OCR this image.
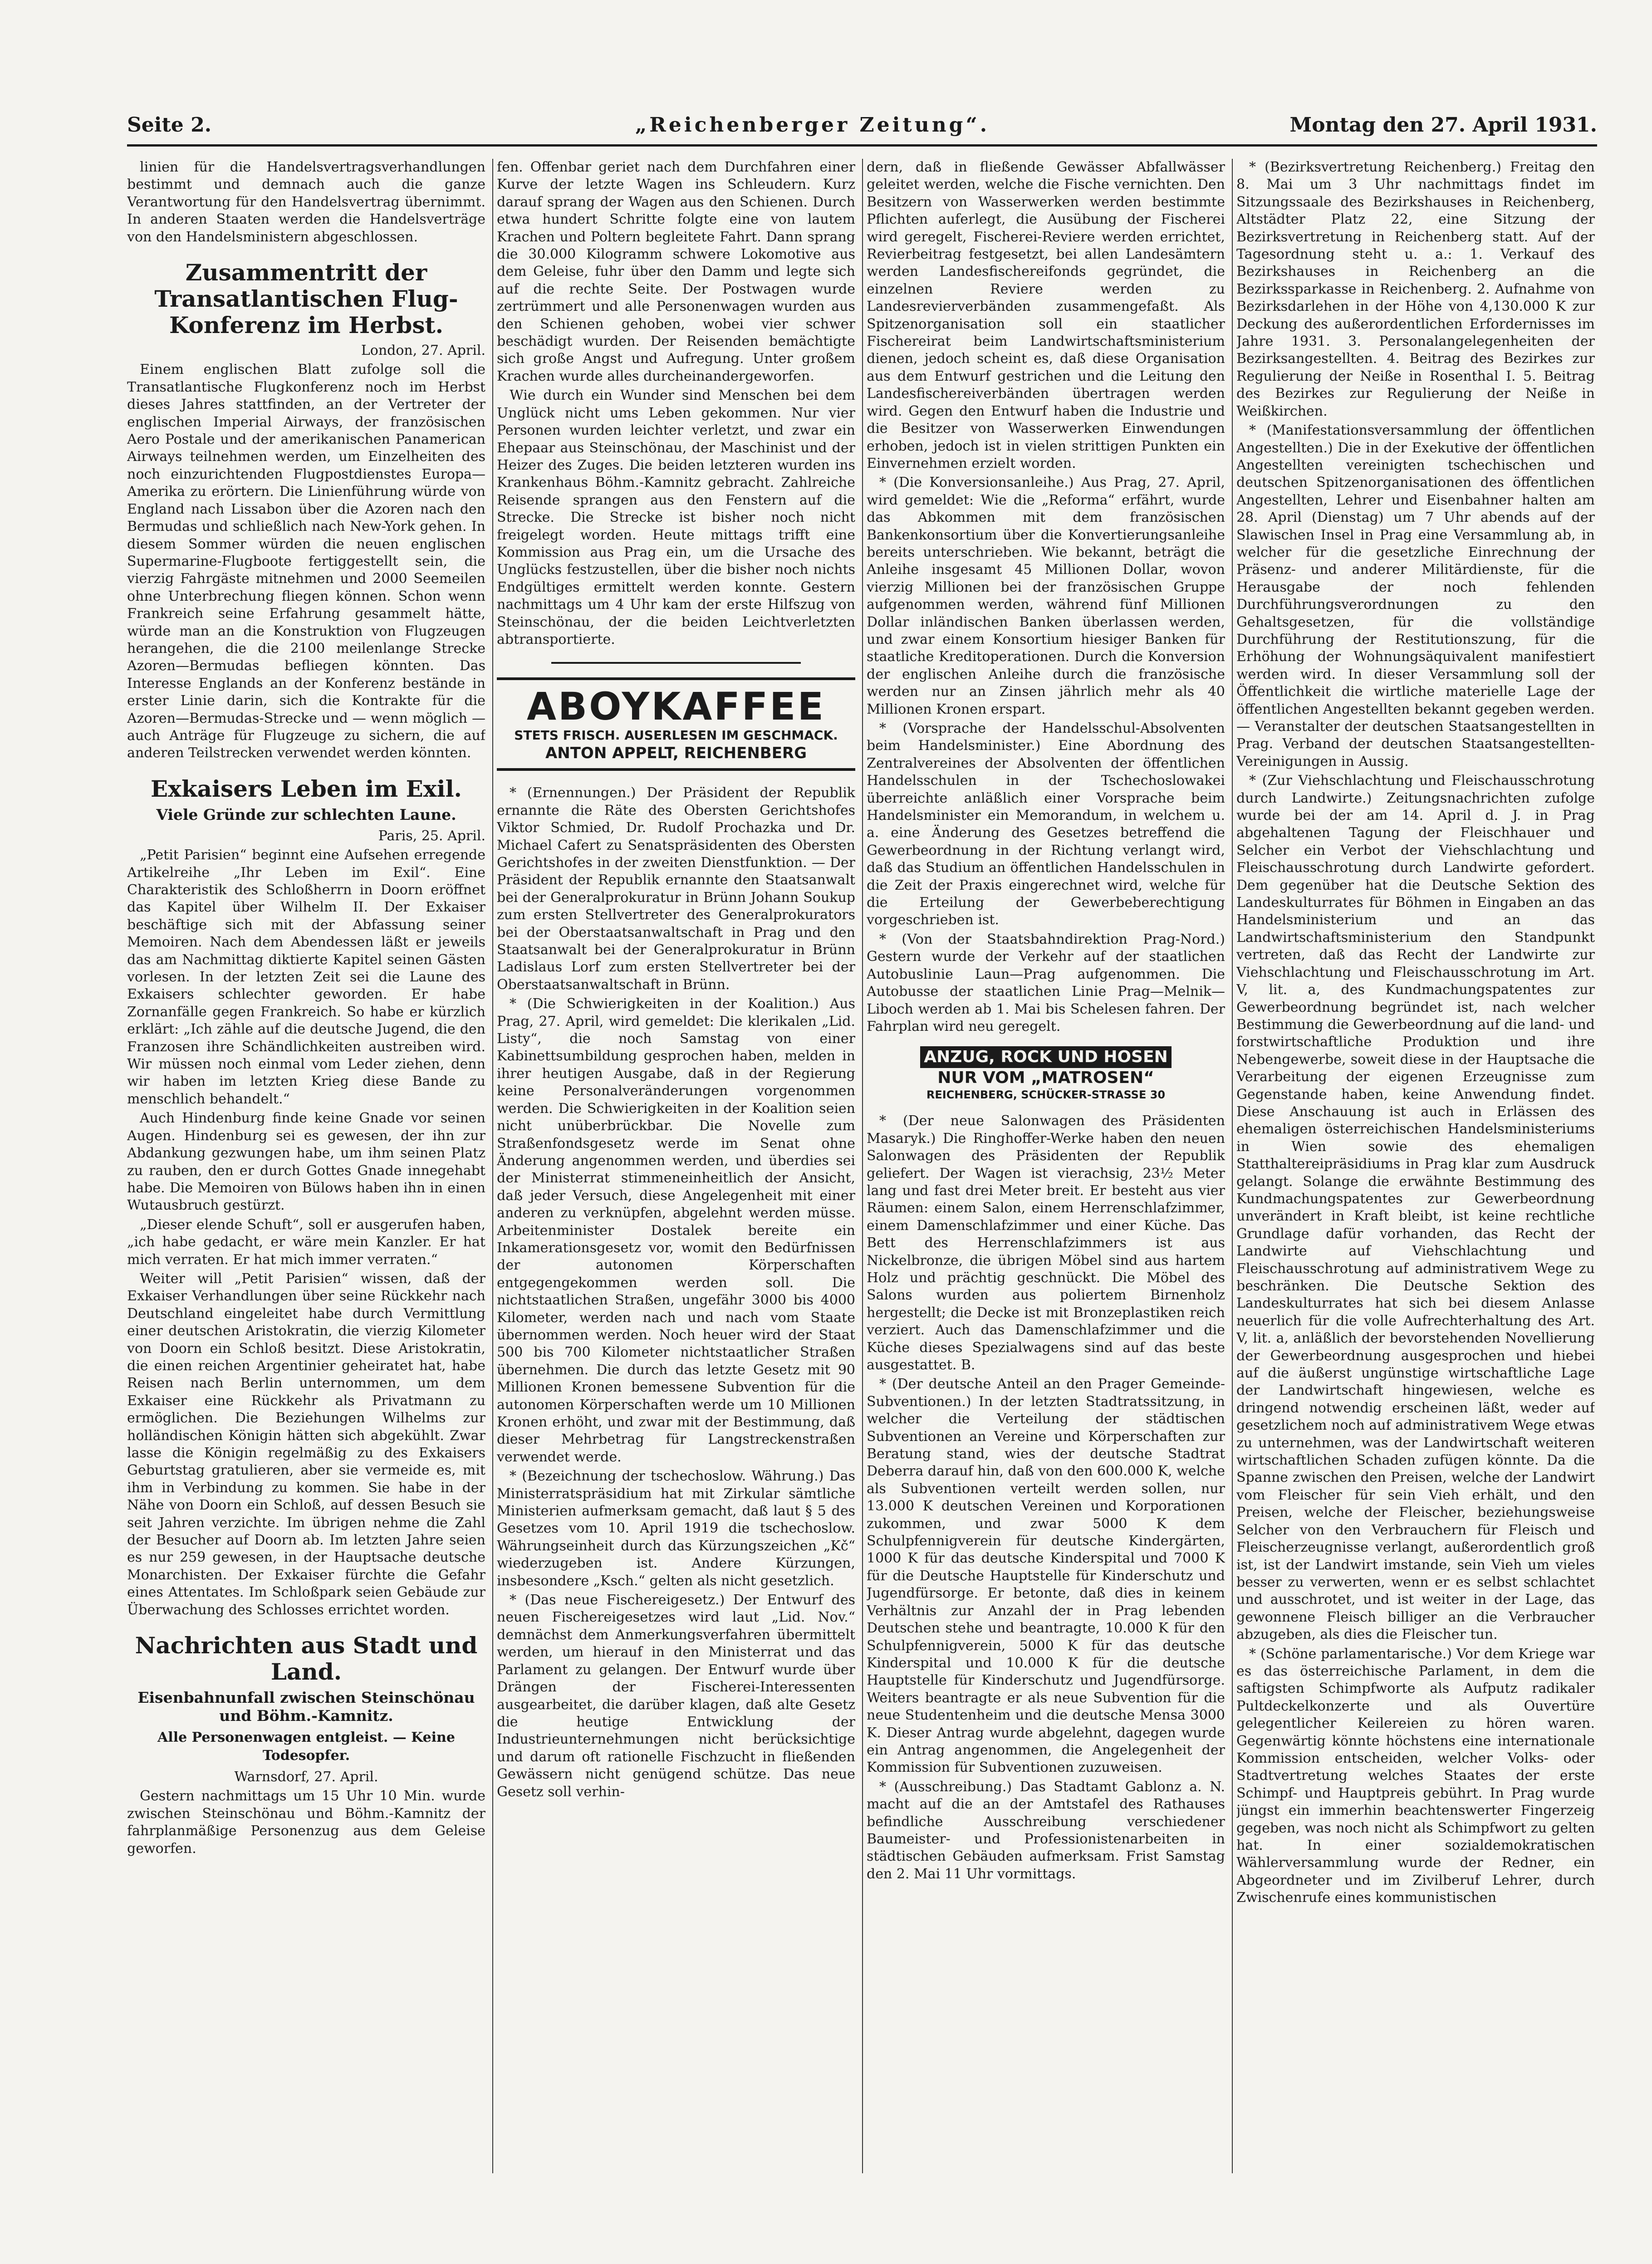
Seite 2.	„Reichenberger Zeitung“.	Montag den 27. April 1931.

linien für die Handelsvertragsverhandlungen bestimmt und demnach auch die ganze Verantwortung für den Handelsvertrag übernimmt. In anderen Staaten werden die Handelsverträge von den Handelsministern abgeschlossen.

Zusammentritt der Transatlantischen Flug-Konferenz im Herbst.

London, 27. April.

Einem englischen Blatt zufolge soll die Transatlantische Flugkonferenz noch im Herbst dieses Jahres stattfinden, an der Vertreter der englischen Imperial Airways, der französischen Aero Postale und der amerikanischen Panamerican Airways teilnehmen werden, um Einzelheiten des noch einzurichtenden Flugpostdienstes Europa—Amerika zu erörtern. Die Linienführung würde von England nach Lissabon über die Azoren nach den Bermudas und schließlich nach New-York gehen. In diesem Sommer würden die neuen englischen Supermarine-Flugboote fertiggestellt sein, die vierzig Fahrgäste mitnehmen und 2000 Seemeilen ohne Unterbrechung fliegen können. Schon wenn Frankreich seine Erfahrung gesammelt hätte, würde man an die Konstruktion von Flugzeugen herangehen, die die 2100 meilenlange Strecke Azoren—Bermudas befliegen könnten. Das Interesse Englands an der Konferenz bestände in erster Linie darin, sich die Kontrakte für die Azoren—Bermudas-Strecke und — wenn möglich — auch Anträge für Flugzeuge zu sichern, die auf anderen Teilstrecken verwendet werden könnten.

Exkaisers Leben im Exil.
Viele Gründe zur schlechten Laune.

Paris, 25. April.

„Petit Parisien“ beginnt eine Aufsehen erregende Artikelreihe „Ihr Leben im Exil“. Eine Charakteristik des Schloßherrn in Doorn eröffnet das Kapitel über Wilhelm II. Der Exkaiser beschäftige sich mit der Abfassung seiner Memoiren. Nach dem Abendessen läßt er jeweils das am Nachmittag diktierte Kapitel seinen Gästen vorlesen. In der letzten Zeit sei die Laune des Exkaisers schlechter geworden. Er habe Zornanfälle gegen Frankreich. So habe er kürzlich erklärt: „Ich zähle auf die deutsche Jugend, die den Franzosen ihre Schändlichkeiten austreiben wird. Wir müssen noch einmal vom Leder ziehen, denn wir haben im letzten Krieg diese Bande zu menschlich behandelt.“

Auch Hindenburg finde keine Gnade vor seinen Augen. Hindenburg sei es gewesen, der ihn zur Abdankung gezwungen habe, um ihm seinen Platz zu rauben, den er durch Gottes Gnade innegehabt habe. Die Memoiren von Bülows haben ihn in einen Wutausbruch gestürzt.

„Dieser elende Schuft“, soll er ausgerufen haben, „ich habe gedacht, er wäre mein Kanzler. Er hat mich verraten. Er hat mich immer verraten.“

Weiter will „Petit Parisien“ wissen, daß der Exkaiser Verhandlungen über seine Rückkehr nach Deutschland eingeleitet habe durch Vermittlung einer deutschen Aristokratin, die vierzig Kilometer von Doorn ein Schloß besitzt. Diese Aristokratin, die einen reichen Argentinier geheiratet hat, habe Reisen nach Berlin unternommen, um dem Exkaiser eine Rückkehr als Privatmann zu ermöglichen. Die Beziehungen Wilhelms zur holländischen Königin hätten sich abgekühlt. Zwar lasse die Königin regelmäßig zu des Exkaisers Geburtstag gratulieren, aber sie vermeide es, mit ihm in Verbindung zu kommen. Sie habe in der Nähe von Doorn ein Schloß, auf dessen Besuch sie seit Jahren verzichte. Im übrigen nehme die Zahl der Besucher auf Doorn ab. Im letzten Jahre seien es nur 259 gewesen, in der Hauptsache deutsche Monarchisten. Der Exkaiser fürchte die Gefahr eines Attentates. Im Schloßpark seien Gebäude zur Überwachung des Schlosses errichtet worden.

Nachrichten aus Stadt und Land.
Eisenbahnunfall zwischen Steinschönau und Böhm.-Kamnitz.
Alle Personenwagen entgleist. — Keine Todesopfer.

Warnsdorf, 27. April.

Gestern nachmittags um 15 Uhr 10 Min. wurde zwischen Steinschönau und Böhm.-Kamnitz der fahrplanmäßige Personenzug aus dem Geleise geworfen.

fen. Offenbar geriet nach dem Durchfahren einer Kurve der letzte Wagen ins Schleudern. Kurz darauf sprang der Wagen aus den Schienen. Durch etwa hundert Schritte folgte eine von lautem Krachen und Poltern begleitete Fahrt. Dann sprang die 30.000 Kilogramm schwere Lokomotive aus dem Geleise, fuhr über den Damm und legte sich auf die rechte Seite. Der Postwagen wurde zertrümmert und alle Personenwagen wurden aus den Schienen gehoben, wobei vier schwer beschädigt wurden. Der Reisenden bemächtigte sich große Angst und Aufregung. Unter großem Krachen wurde alles durcheinandergeworfen.

Wie durch ein Wunder sind Menschen bei dem Unglück nicht ums Leben gekommen. Nur vier Personen wurden leichter verletzt, und zwar ein Ehepaar aus Steinschönau, der Maschinist und der Heizer des Zuges. Die beiden letzteren wurden ins Krankenhaus Böhm.-Kamnitz gebracht. Zahlreiche Reisende sprangen aus den Fenstern auf die Strecke. Die Strecke ist bisher noch nicht freigelegt worden. Heute mittags trifft eine Kommission aus Prag ein, um die Ursache des Unglücks festzustellen, über die bisher noch nichts Endgültiges ermittelt werden konnte. Gestern nachmittags um 4 Uhr kam der erste Hilfszug von Steinschönau, der die beiden Leichtverletzten abtransportierte.

ABOYKAFFEE
STETS FRISCH. AUSERLESEN IM GESCHMACK.
ANTON APPELT, REICHENBERG

* (Ernennungen.) Der Präsident der Republik ernannte die Räte des Obersten Gerichtshofes Viktor Schmied, Dr. Rudolf Prochazka und Dr. Michael Cafert zu Senatspräsidenten des Obersten Gerichtshofes in der zweiten Dienstfunktion. — Der Präsident der Republik ernannte den Staatsanwalt bei der Generalprokuratur in Brünn Johann Soukup zum ersten Stellvertreter des Generalprokurators bei der Oberstaatsanwaltschaft in Prag und den Staatsanwalt bei der Generalprokuratur in Brünn Ladislaus Lorf zum ersten Stellvertreter bei der Oberstaatsanwaltschaft in Brünn.

* (Die Schwierigkeiten in der Koalition.) Aus Prag, 27. April, wird gemeldet: Die klerikalen „Lid. Listy“, die noch Samstag von einer Kabinettsumbildung gesprochen haben, melden in ihrer heutigen Ausgabe, daß in der Regierung keine Personalveränderungen vorgenommen werden. Die Schwierigkeiten in der Koalition seien nicht unüberbrückbar. Die Novelle zum Straßenfondsgesetz werde im Senat ohne Änderung angenommen werden, und überdies sei der Ministerrat stimmeneinheitlich der Ansicht, daß jeder Versuch, diese Angelegenheit mit einer anderen zu verknüpfen, abgelehnt werden müsse. Arbeitenminister Dostalek bereite ein Inkamerationsgesetz vor, womit den Bedürfnissen der autonomen Körperschaften entgegengekommen werden soll. Die nichtstaatlichen Straßen, ungefähr 3000 bis 4000 Kilometer, werden nach und nach vom Staate übernommen werden. Noch heuer wird der Staat 500 bis 700 Kilometer nichtstaatlicher Straßen übernehmen. Die durch das letzte Gesetz mit 90 Millionen Kronen bemessene Subvention für die autonomen Körperschaften werde um 10 Millionen Kronen erhöht, und zwar mit der Bestimmung, daß dieser Mehrbetrag für Langstreckenstraßen verwendet werde.

* (Bezeichnung der tschechoslow. Währung.) Das Ministerratspräsidium hat mit Zirkular sämtliche Ministerien aufmerksam gemacht, daß laut § 5 des Gesetzes vom 10. April 1919 die tschechoslow. Währungseinheit durch das Kürzungszeichen „Kč“ wiederzugeben ist. Andere Kürzungen, insbesondere „Ksch.“ gelten als nicht gesetzlich.

* (Das neue Fischereigesetz.) Der Entwurf des neuen Fischereigesetzes wird laut „Lid. Nov.“ demnächst dem Anmerkungsverfahren übermittelt werden, um hierauf in den Ministerrat und das Parlament zu gelangen. Der Entwurf wurde über Drängen der Fischerei-Interessenten ausgearbeitet, die darüber klagen, daß alte Gesetz die heutige Entwicklung der Industrieunternehmungen nicht berücksichtige und darum oft rationelle Fischzucht in fließenden Gewässern nicht genügend schütze. Das neue Gesetz soll verhin-

dern, daß in fließende Gewässer Abfallwässer geleitet werden, welche die Fische vernichten. Den Besitzern von Wasserwerken werden bestimmte Pflichten auferlegt, die Ausübung der Fischerei wird geregelt, Fischerei-Reviere werden errichtet, Revierbeitrag festgesetzt, bei allen Landesämtern werden Landesfischereifonds gegründet, die einzelnen Reviere werden zu Landesrevierverbänden zusammengefaßt. Als Spitzenorganisation soll ein staatlicher Fischereirat beim Landwirtschaftsministerium dienen, jedoch scheint es, daß diese Organisation aus dem Entwurf gestrichen und die Leitung den Landesfischereiverbänden übertragen werden wird. Gegen den Entwurf haben die Industrie und die Besitzer von Wasserwerken Einwendungen erhoben, jedoch ist in vielen strittigen Punkten ein Einvernehmen erzielt worden.

* (Die Konversionsanleihe.) Aus Prag, 27. April, wird gemeldet: Wie die „Reforma“ erfährt, wurde das Abkommen mit dem französischen Bankenkonsortium über die Konvertierungsanleihe bereits unterschrieben. Wie bekannt, beträgt die Anleihe insgesamt 45 Millionen Dollar, wovon vierzig Millionen bei der französischen Gruppe aufgenommen werden, während fünf Millionen Dollar inländischen Banken überlassen werden, und zwar einem Konsortium hiesiger Banken für staatliche Kreditoperationen. Durch die Konversion der englischen Anleihe durch die französische werden nur an Zinsen jährlich mehr als 40 Millionen Kronen erspart.

* (Vorsprache der Handelsschul-Absolventen beim Handelsminister.) Eine Abordnung des Zentralvereines der Absolventen der öffentlichen Handelsschulen in der Tschechoslowakei überreichte anläßlich einer Vorsprache beim Handelsminister ein Memorandum, in welchem u. a. eine Änderung des Gesetzes betreffend die Gewerbeordnung in der Richtung verlangt wird, daß das Studium an öffentlichen Handelsschulen in die Zeit der Praxis eingerechnet wird, welche für die Erteilung der Gewerbeberechtigung vorgeschrieben ist.

* (Von der Staatsbahndirektion Prag-Nord.) Gestern wurde der Verkehr auf der staatlichen Autobuslinie Laun—Prag aufgenommen. Die Autobusse der staatlichen Linie Prag—Melnik—Liboch werden ab 1. Mai bis Schelesen fahren. Der Fahrplan wird neu geregelt.

ANZUG, ROCK UND HOSEN
NUR VOM „MATROSEN“
REICHENBERG, SCHÜCKER-STRASSE 30

* (Der neue Salonwagen des Präsidenten Masaryk.) Die Ringhoffer-Werke haben den neuen Salonwagen des Präsidenten der Republik geliefert. Der Wagen ist vierachsig, 23½ Meter lang und fast drei Meter breit. Er besteht aus vier Räumen: einem Salon, einem Herrenschlafzimmer, einem Damenschlafzimmer und einer Küche. Das Bett des Herrenschlafzimmers ist aus Nickelbronze, die übrigen Möbel sind aus hartem Holz und prächtig geschnückt. Die Möbel des Salons wurden aus poliertem Birnenholz hergestellt; die Decke ist mit Bronzeplastiken reich verziert. Auch das Damenschlafzimmer und die Küche dieses Spezialwagens sind auf das beste ausgestattet. B.

* (Der deutsche Anteil an den Prager Gemeinde-Subventionen.) In der letzten Stadtratssitzung, in welcher die Verteilung der städtischen Subventionen an Vereine und Körperschaften zur Beratung stand, wies der deutsche Stadtrat Deberra darauf hin, daß von den 600.000 K, welche als Subventionen verteilt werden sollen, nur 13.000 K deutschen Vereinen und Korporationen zukommen, und zwar 5000 K dem Schulpfennigverein für deutsche Kindergärten, 1000 K für das deutsche Kinderspital und 7000 K für die Deutsche Hauptstelle für Kinderschutz und Jugendfürsorge. Er betonte, daß dies in keinem Verhältnis zur Anzahl der in Prag lebenden Deutschen stehe und beantragte, 10.000 K für den Schulpfennigverein, 5000 K für das deutsche Kinderspital und 10.000 K für die deutsche Hauptstelle für Kinderschutz und Jugendfürsorge. Weiters beantragte er als neue Subvention für die neue Studentenheim und die deutsche Mensa 3000 K. Dieser Antrag wurde abgelehnt, dagegen wurde ein Antrag angenommen, die Angelegenheit der Kommission für Subventionen zuzuweisen.

* (Ausschreibung.) Das Stadtamt Gablonz a. N. macht auf die an der Amtstafel des Rathauses befindliche Ausschreibung verschiedener Baumeister- und Professionistenarbeiten in städtischen Gebäuden aufmerksam. Frist Samstag den 2. Mai 11 Uhr vormittags.

* (Bezirksvertretung Reichenberg.) Freitag den 8. Mai um 3 Uhr nachmittags findet im Sitzungssaale des Bezirkshauses in Reichenberg, Altstädter Platz 22, eine Sitzung der Bezirksvertretung in Reichenberg statt. Auf der Tagesordnung steht u. a.: 1. Verkauf des Bezirkshauses in Reichenberg an die Bezirkssparkasse in Reichenberg. 2. Aufnahme von Bezirksdarlehen in der Höhe von 4,130.000 K zur Deckung des außerordentlichen Erfordernisses im Jahre 1931. 3. Personalangelegenheiten der Bezirksangestellten. 4. Beitrag des Bezirkes zur Regulierung der Neiße in Rosenthal I. 5. Beitrag des Bezirkes zur Regulierung der Neiße in Weißkirchen.

* (Manifestationsversammlung der öffentlichen Angestellten.) Die in der Exekutive der öffentlichen Angestellten vereinigten tschechischen und deutschen Spitzenorganisationen des öffentlichen Angestellten, Lehrer und Eisenbahner halten am 28. April (Dienstag) um 7 Uhr abends auf der Slawischen Insel in Prag eine Versammlung ab, in welcher für die gesetzliche Einrechnung der Präsenz- und anderer Militärdienste, für die Herausgabe der noch fehlenden Durchführungsverordnungen zu den Gehaltsgesetzen, für die vollständige Durchführung der Restitutionszung, für die Erhöhung der Wohnungsäquivalent manifestiert werden wird. In dieser Versammlung soll der Öffentlichkeit die wirtliche materielle Lage der öffentlichen Angestellten bekannt gegeben werden. — Veranstalter der deutschen Staatsangestellten in Prag. Verband der deutschen Staatsangestellten-Vereinigungen in Aussig.

* (Zur Viehschlachtung und Fleischausschrotung durch Landwirte.) Zeitungsnachrichten zufolge wurde bei der am 14. April d. J. in Prag abgehaltenen Tagung der Fleischhauer und Selcher ein Verbot der Viehschlachtung und Fleischausschrotung durch Landwirte gefordert. Dem gegenüber hat die Deutsche Sektion des Landeskulturrates für Böhmen in Eingaben an das Handelsministerium und an das Landwirtschaftsministerium den Standpunkt vertreten, daß das Recht der Landwirte zur Viehschlachtung und Fleischausschrotung im Art. V, lit. a, des Kundmachungspatentes zur Gewerbeordnung begründet ist, nach welcher Bestimmung die Gewerbeordnung auf die land- und forstwirtschaftliche Produktion und ihre Nebengewerbe, soweit diese in der Hauptsache die Verarbeitung der eigenen Erzeugnisse zum Gegenstande haben, keine Anwendung findet. Diese Anschauung ist auch in Erlässen des ehemaligen österreichischen Handelsministeriums in Wien sowie des ehemaligen Statthaltereipräsidiums in Prag klar zum Ausdruck gelangt. Solange die erwähnte Bestimmung des Kundmachungspatentes zur Gewerbeordnung unverändert in Kraft bleibt, ist keine rechtliche Grundlage dafür vorhanden, das Recht der Landwirte auf Viehschlachtung und Fleischausschrotung auf administrativem Wege zu beschränken. Die Deutsche Sektion des Landeskulturrates hat sich bei diesem Anlasse neuerlich für die volle Aufrechterhaltung des Art. V, lit. a, anläßlich der bevorstehenden Novellierung der Gewerbeordnung ausgesprochen und hiebei auf die äußerst ungünstige wirtschaftliche Lage der Landwirtschaft hingewiesen, welche es dringend notwendig erscheinen läßt, weder auf gesetzlichem noch auf administrativem Wege etwas zu unternehmen, was der Landwirtschaft weiteren wirtschaftlichen Schaden zufügen könnte. Da die Spanne zwischen den Preisen, welche der Landwirt vom Fleischer für sein Vieh erhält, und den Preisen, welche der Fleischer, beziehungsweise Selcher von den Verbrauchern für Fleisch und Fleischerzeugnisse verlangt, außerordentlich groß ist, ist der Landwirt imstande, sein Vieh um vieles besser zu verwerten, wenn er es selbst schlachtet und ausschrotet, und ist weiter in der Lage, das gewonnene Fleisch billiger an die Verbraucher abzugeben, als dies die Fleischer tun.

* (Schöne parlamentarische.) Vor dem Kriege war es das österreichische Parlament, in dem die saftigsten Schimpfworte als Aufputz radikaler Pultdeckelkonzerte und als Ouvertüre gelegentlicher Keilereien zu hören waren. Gegenwärtig könnte höchstens eine internationale Kommission entscheiden, welcher Volks- oder Stadtvertretung welches Staates der erste Schimpf- und Hauptpreis gebührt. In Prag wurde jüngst ein immerhin beachtenswerter Fingerzeig gegeben, was noch nicht als Schimpfwort zu gelten hat. In einer sozialdemokratischen Wählerversammlung wurde der Redner, ein Abgeordneter und im Zivilberuf Lehrer, durch Zwischenrufe eines kommunistischen
